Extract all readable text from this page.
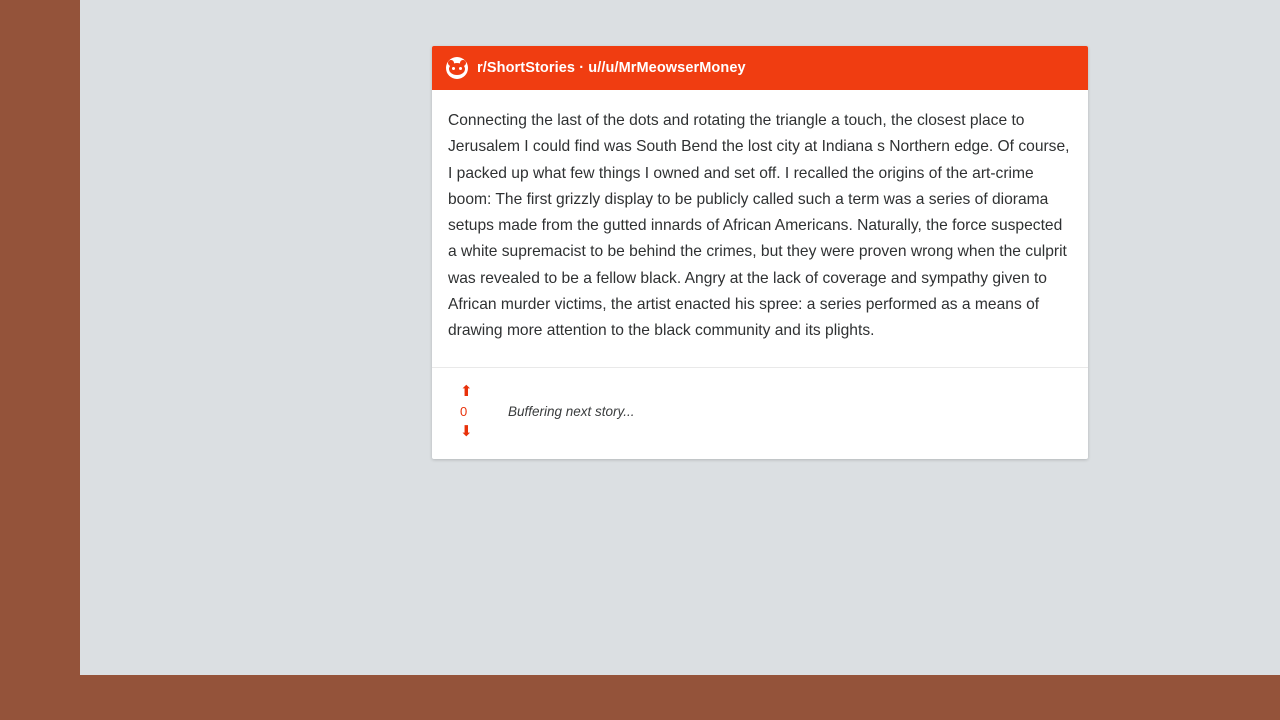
r/ShortStories · u//u/MrMeowserMoney

Connecting the last of the dots and rotating the triangle a touch, the closest place to Jerusalem I could find was South Bend the lost city at Indiana s Northern edge. Of course, I packed up what few things I owned and set off. I recalled the origins of the art-crime boom: The first grizzly display to be publicly called such a term was a series of diorama setups made from the gutted innards of African Americans. Naturally, the force suspected a white supremacist to be behind the crimes, but they were proven wrong when the culprit was revealed to be a fellow black. Angry at the lack of coverage and sympathy given to African murder victims, the artist enacted his spree: a series performed as a means of drawing more attention to the black community and its plights.

⬆
0
⬇
Buffering next story...
